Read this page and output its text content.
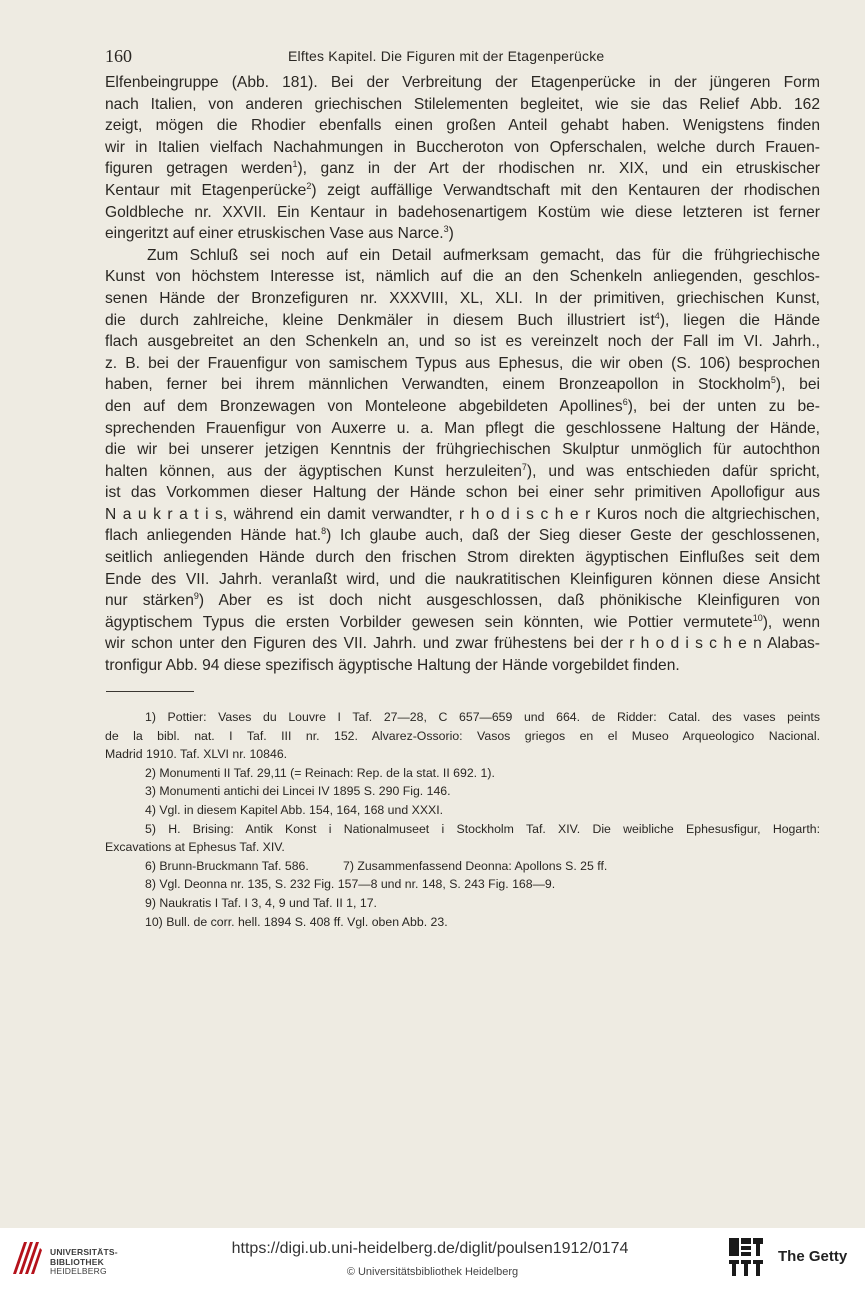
160	Elftes Kapitel. Die Figuren mit der Etagenperücke
Elfenbeingruppe (Abb. 181). Bei der Verbreitung der Etagenperücke in der jüngeren Form
nach Italien, von anderen griechischen Stilelementen begleitet, wie sie das Relief Abb. 162
zeigt, mögen die Rhodier ebenfalls einen großen Anteil gehabt haben. Wenigstens finden
wir in Italien vielfach Nachahmungen in Buccheroton von Opferschalen, welche durch Frauen-
figuren getragen werden$^1$), ganz in der Art der rhodischen nr. XIX, und ein etruskischer
Kentaur mit Etagenperücke$^2$) zeigt auffällige Verwandtschaft mit den Kentauren der rhodischen
Goldbleche nr. XXVII. Ein Kentaur in badehosenartigem Kostüm wie diese letzteren ist ferner
eingeritzt auf einer etruskischen Vase aus Narce.$^3$)
Zum Schluß sei noch auf ein Detail aufmerksam gemacht, das für die frühgriechische
Kunst von höchstem Interesse ist, nämlich auf die an den Schenkeln anliegenden, geschlos-
senen Hände der Bronzefiguren nr. XXXVIII, XL, XLI. In der primitiven, griechischen Kunst,
die durch zahlreiche, kleine Denkmäler in diesem Buch illustriert ist$^4$), liegen die Hände
flach ausgebreitet an den Schenkeln an, und so ist es vereinzelt noch der Fall im VI. Jahrh.,
z. B. bei der Frauenfigur von samischem Typus aus Ephesus, die wir oben (S. 106) besprochen
haben, ferner bei ihrem männlichen Verwandten, einem Bronzeapollon in Stockholm$^5$), bei
den auf dem Bronzewagen von Monteleone abgebildeten Apollines$^6$), bei der unten zu be-
sprechenden Frauenfigur von Auxerre u. a. Man pflegt die geschlossene Haltung der Hände,
die wir bei unserer jetzigen Kenntnis der frühgriechischen Skulptur unmöglich für autochthon
halten können, aus der ägyptischen Kunst herzuleiten$^7$), und was entschieden dafür spricht,
ist das Vorkommen dieser Haltung der Hände schon bei einer sehr primitiven Apollofigur aus
N a u k r a t i s, während ein damit verwandter, r h o d i s c h e r Kuros noch die altgriechischen,
flach anliegenden Hände hat.$^8$) Ich glaube auch, daß der Sieg dieser Geste der geschlossenen,
seitlich anliegenden Hände durch den frischen Strom direkten ägyptischen Einflußes seit dem
Ende des VII. Jahrh. veranlaßt wird, und die naukratitischen Kleinfiguren können diese Ansicht
nur stärken$^9$) Aber es ist doch nicht ausgeschlossen, daß phönikische Kleinfiguren von
ägyptischem Typus die ersten Vorbilder gewesen sein könnten, wie Pottier vermutete$^{10}$), wenn
wir schon unter den Figuren des VII. Jahrh. und zwar frühestens bei der r h o d i s c h e n Alabas-
tronfigur Abb. 94 diese spezifisch ägyptische Haltung der Hände vorgebildet finden.
1) Pottier: Vases du Louvre I Taf. 27—28, C 657—659 und 664. de Ridder: Catal. des vases peints
de la bibl. nat. I Taf. III nr. 152. Alvarez-Ossorio: Vasos griegos en el Museo Arqueologico Nacional.
Madrid 1910. Taf. XLVI nr. 10846.
2) Monumenti II Taf. 29,11 (= Reinach: Rep. de la stat. II 692. 1).
3) Monumenti antichi dei Lincei IV 1895 S. 290 Fig. 146.
4) Vgl. in diesem Kapitel Abb. 154, 164, 168 und XXXI.
5) H. Brising: Antik Konst i Nationalmuseet i Stockholm Taf. XIV. Die weibliche Ephesusfigur, Hogarth:
Excavations at Ephesus Taf. XIV.
6) Brunn-Bruckmann Taf. 586.          7) Zusammenfassend Deonna: Apollons S. 25 ff.
8) Vgl. Deonna nr. 135, S. 232 Fig. 157—8 und nr. 148, S. 243 Fig. 168—9.
9) Naukratis I Taf. I 3, 4, 9 und Taf. II 1, 17.
10) Bull. de corr. hell. 1894 S. 408 ff. Vgl. oben Abb. 23.
UNIVERSITÄTS-
BIBLIOTHEK
HEIDELBERG
https://digi.ub.uni-heidelberg.de/diglit/poulsen1912/0174
© Universitätsbibliothek Heidelberg
The Getty
